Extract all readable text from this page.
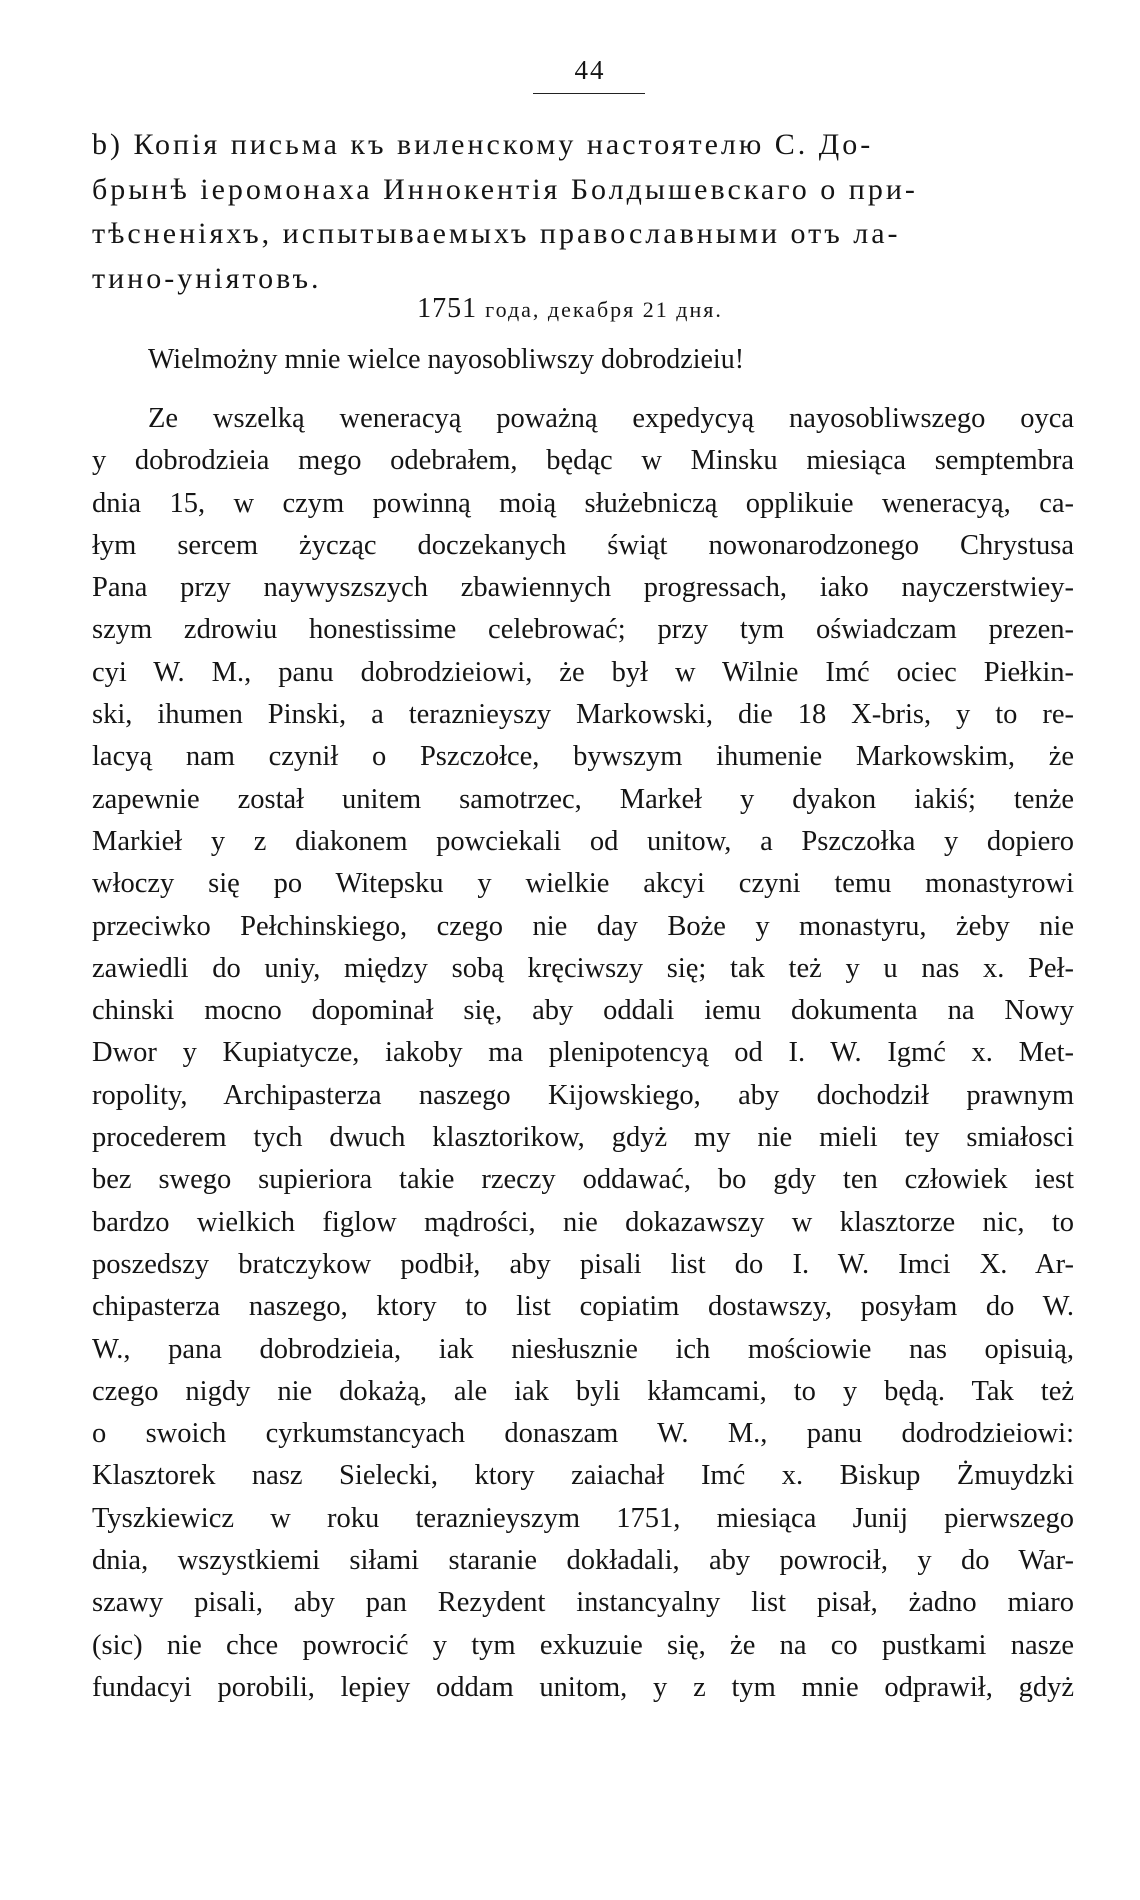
44
b) Копія письма къ виленскому настоятелю С. До-
брынѣ іеромонаха Иннокентія Болдышевскаго о при-
тѣсненіяхъ, испытываемыхъ православными отъ ла-
тино-уніятовъ.
1751 года, декабря 21 дня.
Wielmożny mnie wielce nayosobliwszy dobrodzieiu!
Ze wszelką weneracyą poważną expedycyą nayosobliwszego oyca
y dobrodzieia mego odebrałem, będąc w Minsku miesiąca semptembra
dnia 15, w czym powinną moią służebniczą opplikuie weneracyą, ca-
łym sercem życząc doczekanych świąt nowonarodzonego Chrystusa
Pana przy naywyszszych zbawiennych progressach, iako nayczerstwiey-
szym zdrowiu honestissime celebrować; przy tym oświadczam prezen-
cyi W. M., panu dobrodzieiowi, że był w Wilnie Imć ociec Piełkin-
ski, ihumen Pinski, a teraznieyszy Markowski, die 18 X-bris, y to re-
lacyą nam czynił o Pszczołce, bywszym ihumenie Markowskim, że
zapewnie został unitem samotrzec, Markeł y dyakon iakiś; tenże
Markieł y z diakonem powciekali od unitow, a Pszczołka y dopiero
włoczy się po Witepsku y wielkie akcyi czyni temu monastyrowi
przeciwko Pełchinskiego, czego nie day Boże y monastyru, żeby nie
zawiedli do uniy, między sobą kręciwszy się; tak też y u nas x. Peł-
chinski mocno dopominał się, aby oddali iemu dokumenta na Nowy
Dwor y Kupiatycze, iakoby ma plenipotencyą od I. W. Igmć x. Met-
ropolity, Archipasterza naszego Kijowskiego, aby dochodził prawnym
procederem tych dwuch klasztorikow, gdyż my nie mieli tey smiałosci
bez swego supieriora takie rzeczy oddawać, bo gdy ten człowiek iest
bardzo wielkich figlow mądrości, nie dokazawszy w klasztorze nic, to
poszedszy bratczykow podbił, aby pisali list do I. W. Imci X. Ar-
chipasterza naszego, ktory to list copiatim dostawszy, posyłam do W.
W., pana dobrodzieia, iak niesłusznie ich mościowie nas opisuią,
czego nigdy nie dokażą, ale iak byli kłamcami, to y będą. Tak też
o swoich cyrkumstancyach donaszam W. M., panu dodrodzieiowi:
Klasztorek nasz Sielecki, ktory zaiachał Imć x. Biskup Żmuydzki
Tyszkiewicz w roku teraznieyszym 1751, miesiąca Junij pierwszego
dnia, wszystkiemi siłami staranie dokładali, aby powrocił, y do War-
szawy pisali, aby pan Rezydent instancyalny list pisał, żadno miaro
(sic) nie chce powrocić y tym exkuzuie się, że na co pustkami nasze
fundacyi porobili, lepiey oddam unitom, y z tym mnie odprawił, gdyż
